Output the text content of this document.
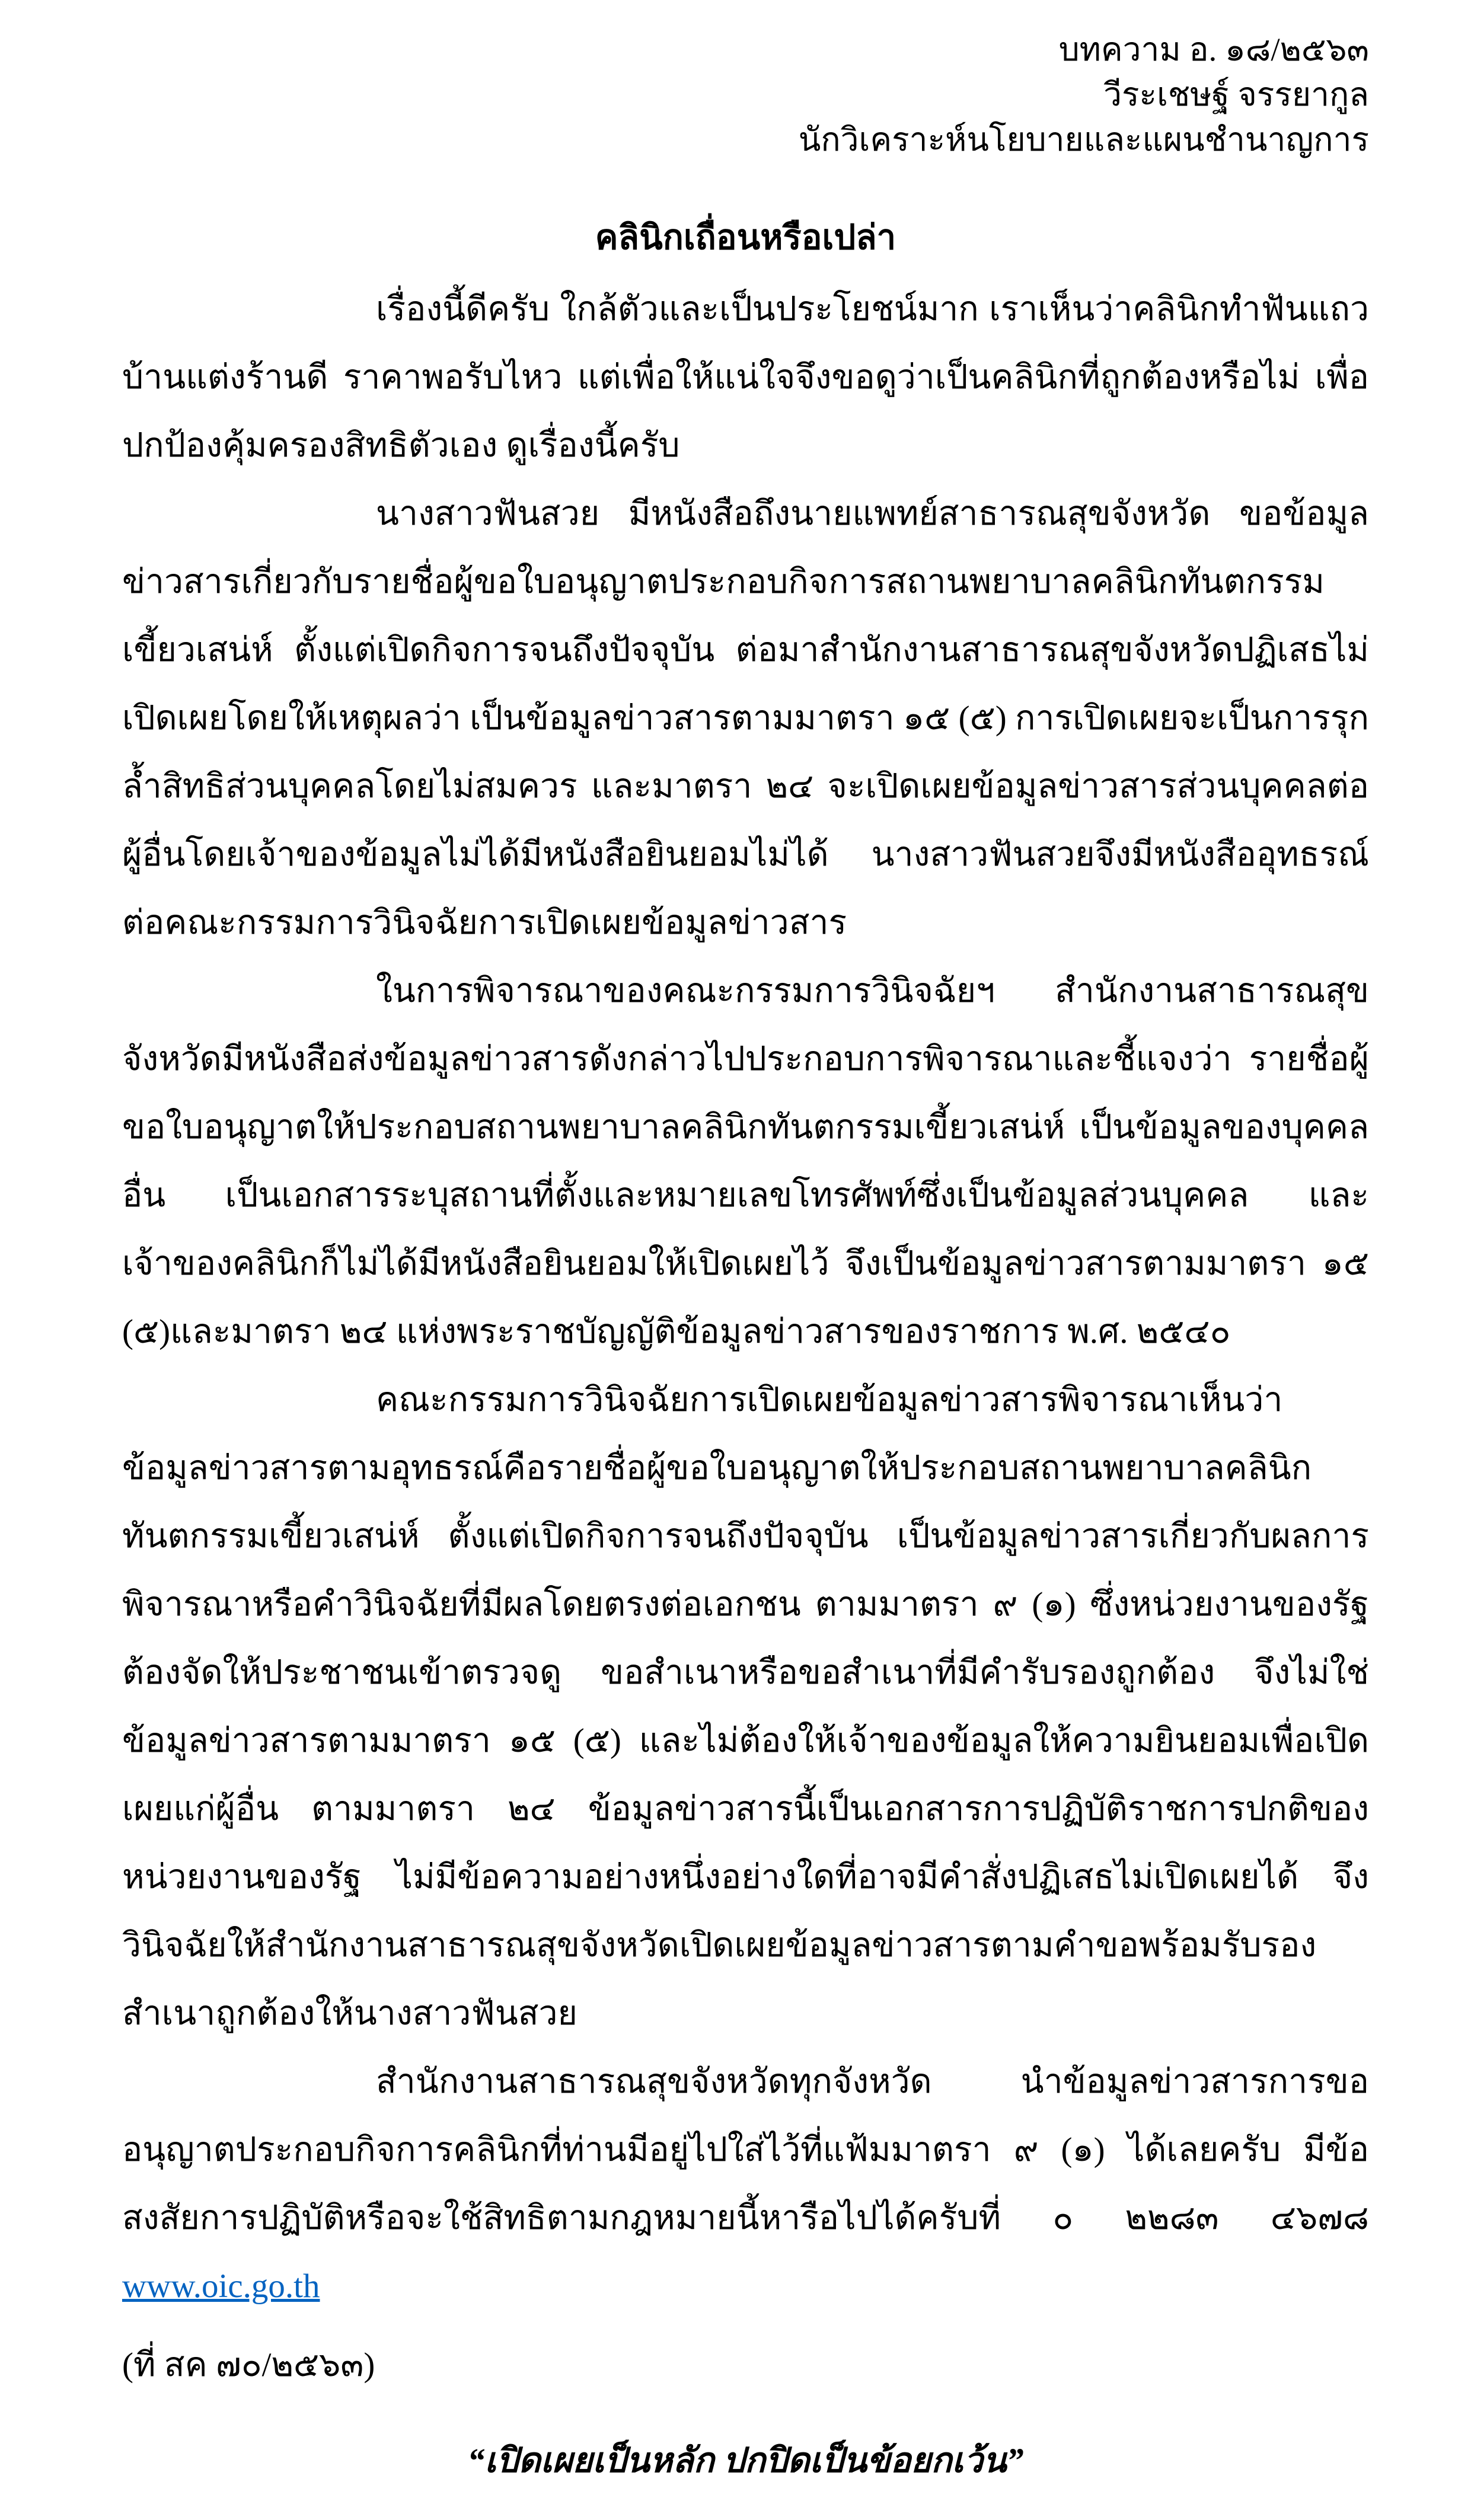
บทความ อ. ๑๘/๒๕๖๓
วีระเชษฐ์ จรรยากูล
นักวิเคราะห์นโยบายและแผนชำนาญการ
คลินิกเถื่อนหรือเปล่า

เรื่องนี้ดีครับ ใกล้ตัวและเป็นประโยชน์มาก เราเห็นว่าคลินิกทำฟันแถวบ้านแต่งร้านดี ราคาพอรับไหว แต่เพื่อให้แน่ใจจึงขอดูว่าเป็นคลินิกที่ถูกต้องหรือไม่ เพื่อปกป้องคุ้มครองสิทธิตัวเอง ดูเรื่องนี้ครับ

นางสาวฟันสวย มีหนังสือถึงนายแพทย์สาธารณสุขจังหวัด ขอข้อมูลข่าวสารเกี่ยวกับรายชื่อผู้ขอใบอนุญาตประกอบกิจการสถานพยาบาลคลินิกทันตกรรมเขี้ยวเสน่ห์ ตั้งแต่เปิดกิจการจนถึงปัจจุบัน ต่อมาสำนักงานสาธารณสุขจังหวัดปฏิเสธไม่เปิดเผยโดยให้เหตุผลว่า เป็นข้อมูลข่าวสารตามมาตรา ๑๕ (๕) การเปิดเผยจะเป็นการรุกล้ำสิทธิส่วนบุคคลโดยไม่สมควร และมาตรา ๒๔ จะเปิดเผยข้อมูลข่าวสารส่วนบุคคลต่อผู้อื่นโดยเจ้าของข้อมูลไม่ได้มีหนังสือยินยอมไม่ได้ นางสาวฟันสวยจึงมีหนังสืออุทธรณ์ต่อคณะกรรมการวินิจฉัยการเปิดเผยข้อมูลข่าวสาร

ในการพิจารณาของคณะกรรมการวินิจฉัยฯ สำนักงานสาธารณสุขจังหวัดมีหนังสือส่งข้อมูลข่าวสารดังกล่าวไปประกอบการพิจารณาและชี้แจงว่า รายชื่อผู้ขอใบอนุญาตให้ประกอบสถานพยาบาลคลินิกทันตกรรมเขี้ยวเสน่ห์ เป็นข้อมูลของบุคคลอื่น เป็นเอกสารระบุสถานที่ตั้งและหมายเลขโทรศัพท์ซึ่งเป็นข้อมูลส่วนบุคคล และเจ้าของคลินิกก็ไม่ได้มีหนังสือยินยอมให้เปิดเผยไว้ จึงเป็นข้อมูลข่าวสารตามมาตรา ๑๕ (๕)และมาตรา ๒๔ แห่งพระราชบัญญัติข้อมูลข่าวสารของราชการ พ.ศ. ๒๕๔๐

คณะกรรมการวินิจฉัยการเปิดเผยข้อมูลข่าวสารพิจารณาเห็นว่า ข้อมูลข่าวสารตามอุทธรณ์คือรายชื่อผู้ขอใบอนุญาตให้ประกอบสถานพยาบาลคลินิกทันตกรรมเขี้ยวเสน่ห์ ตั้งแต่เปิดกิจการจนถึงปัจจุบัน เป็นข้อมูลข่าวสารเกี่ยวกับผลการพิจารณาหรือคำวินิจฉัยที่มีผลโดยตรงต่อเอกชน ตามมาตรา ๙ (๑) ซึ่งหน่วยงานของรัฐต้องจัดให้ประชาชนเข้าตรวจดู ขอสำเนาหรือขอสำเนาที่มีคำรับรองถูกต้อง จึงไม่ใช่ข้อมูลข่าวสารตามมาตรา ๑๕ (๕) และไม่ต้องให้เจ้าของข้อมูลให้ความยินยอมเพื่อเปิดเผยแก่ผู้อื่น ตามมาตรา ๒๔ ข้อมูลข่าวสารนี้เป็นเอกสารการปฏิบัติราชการปกติของหน่วยงานของรัฐ ไม่มีข้อความอย่างหนึ่งอย่างใดที่อาจมีคำสั่งปฏิเสธไม่เปิดเผยได้ จึงวินิจฉัยให้สำนักงานสาธารณสุขจังหวัดเปิดเผยข้อมูลข่าวสารตามคำขอพร้อมรับรองสำเนาถูกต้องให้นางสาวฟันสวย

สำนักงานสาธารณสุขจังหวัดทุกจังหวัด นำข้อมูลข่าวสารการขออนุญาตประกอบกิจการคลินิกที่ท่านมีอยู่ไปใส่ไว้ที่แฟ้มมาตรา ๙ (๑) ได้เลยครับ มีข้อสงสัยการปฏิบัติหรือจะใช้สิทธิตามกฎหมายนี้หารือไปได้ครับที่ ๐ ๒๒๘๓ ๔๖๗๘ www.oic.go.th

(ที่ สค ๗๐/๒๕๖๓)

“เปิดเผยเป็นหลัก ปกปิดเป็นข้อยกเว้น”
